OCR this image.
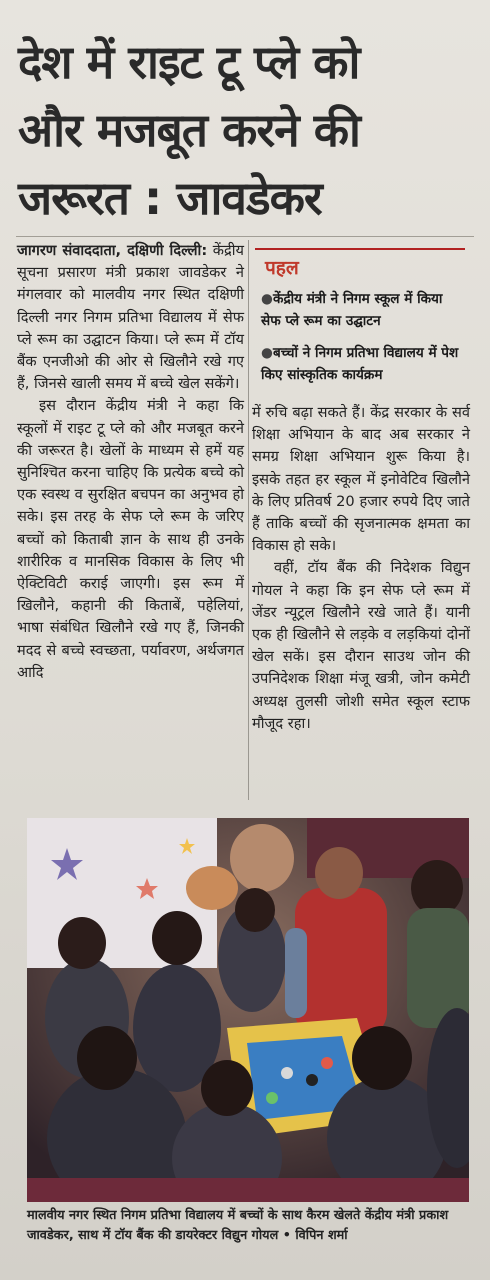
देश में राइट टू प्ले को
और मजबूत करने की
जरूरत : जावडेकर

जागरण संवाददाता, दक्षिणी दिल्ली: केंद्रीय सूचना प्रसारण मंत्री प्रकाश जावडेकर ने मंगलवार को मालवीय नगर स्थित दक्षिणी दिल्ली नगर निगम प्रतिभा विद्यालय में सेफ प्ले रूम का उद्घाटन किया। प्ले रूम में टॉय बैंक एनजीओ की ओर से खिलौने रखे गए हैं, जिनसे खाली समय में बच्चे खेल सकेंगे।

इस दौरान केंद्रीय मंत्री ने कहा कि स्कूलों में राइट टू प्ले को और मजबूत करने की जरूरत है। खेलों के माध्यम से हमें यह सुनिश्चित करना चाहिए कि प्रत्येक बच्चे को एक स्वस्थ व सुरक्षित बचपन का अनुभव हो सके। इस तरह के सेफ प्ले रूम के जरिए बच्चों को किताबी ज्ञान के साथ ही उनके शारीरिक व मानसिक विकास के लिए भी ऐक्टिविटी कराई जाएगी। इस रूम में खिलौने, कहानी की किताबें, पहेलियां, भाषा संबंधित खिलौने रखे गए हैं, जिनकी मदद से बच्चे स्वच्छता, पर्यावरण, अर्थजगत आदि

पहल
●केंद्रीय मंत्री ने निगम स्कूल में किया सेफ प्ले रूम का उद्घाटन
●बच्चों ने निगम प्रतिभा विद्यालय में पेश किए सांस्कृतिक कार्यक्रम

में रुचि बढ़ा सकते हैं। केंद्र सरकार के सर्व शिक्षा अभियान के बाद अब सरकार ने समग्र शिक्षा अभियान शुरू किया है। इसके तहत हर स्कूल में इनोवेटिव खिलौने के लिए प्रतिवर्ष 20 हजार रुपये दिए जाते हैं ताकि बच्चों की सृजनात्मक क्षमता का विकास हो सके।

वहीं, टॉय बैंक की निदेशक विद्युन गोयल ने कहा कि इन सेफ प्ले रूम में जेंडर न्यूट्रल खिलौने रखे जाते हैं। यानी एक ही खिलौने से लड़के व लड़कियां दोनों खेल सकें। इस दौरान साउथ जोन की उपनिदेशक शिक्षा मंजू खत्री, जोन कमेटी अध्यक्ष तुलसी जोशी समेत स्कूल स्टाफ मौजूद रहा।

मालवीय नगर स्थित निगम प्रतिभा विद्यालय में बच्चों के साथ कैरम खेलते केंद्रीय मंत्री प्रकाश जावडेकर, साथ में टॉय बैंक की डायरेक्टर विद्युन गोयल • विपिन शर्मा
